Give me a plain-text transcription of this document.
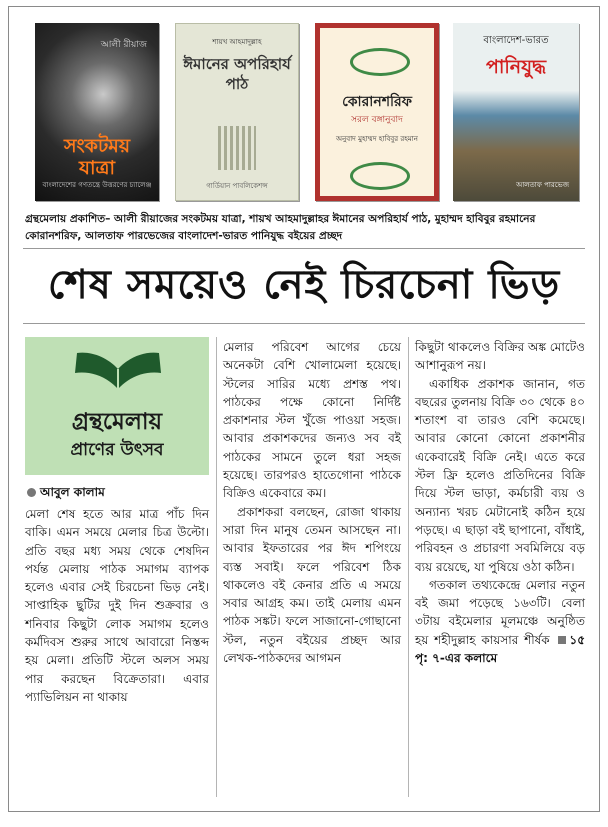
আলী রীয়াজ
সংকটময় যাত্রা
বাংলাদেশের গণতন্ত্রে উত্তরণের চ্যালেঞ্জ
শায়খ আহমাদুল্লাহ
ঈমানের অপরিহার্য পাঠ
গার্ডিয়ান পাবলিকেশন্স
কোরানশরিফ
সরল বঙ্গানুবাদ
অনুবাদ মুহাম্মদ হাবিবুর রহমান
বাংলাদেশ-ভারত
পানিযুদ্ধ
আলতাফ পারভেজ
গ্রন্থমেলায় প্রকাশিত– আলী রীয়াজের সংকটময় যাত্রা, শায়খ আহমাদুল্লাহর ঈমানের অপরিহার্য পাঠ, মুহাম্মদ হাবিবুর রহমানের কোরানশরিফ, আলতাফ পারভেজের বাংলাদেশ-ভারত পানিযুদ্ধ বইয়ের প্রচ্ছদ
শেষ সময়েও নেই চিরচেনা ভিড়
গ্রন্থমেলায়
প্রাণের উৎসব
আবুল কালাম

মেলা শেষ হতে আর মাত্র পাঁচ দিন বাকি। এমন সময়ে মেলার চিত্র উল্টো। প্রতি বছর মধ্য সময় থেকে শেষদিন পর্যন্ত মেলায় পাঠক সমাগম ব্যাপক হলেও এবার সেই চিরচেনা ভিড় নেই। সাপ্তাহিক ছুটির দুই দিন শুক্রবার ও শনিবার কিছুটা লোক সমাগম হলেও কর্মদিবস শুরুর সাথে আবারো নিস্তব্দ হয় মেলা। প্রতিটি স্টলে অলস সময় পার করছেন বিক্রেতারা। এবার প্যাভিলিয়ন না থাকায়

মেলার পরিবেশ আগের চেয়ে অনেকটা বেশি খোলামেলা হয়েছে। স্টলের সারির মধ্যে প্রশস্ত পথ। পাঠকের পক্ষে কোনো নির্দিষ্ট প্রকাশনার স্টল খুঁজে পাওয়া সহজ। আবার প্রকাশকদের জন্যও সব বই পাঠকের সামনে তুলে ধরা সহজ হয়েছে। তারপরও হাতেগোনা পাঠকে বিক্রিও একেবারে কম।

প্রকাশকরা বলছেন, রোজা থাকায় সারা দিন মানুষ তেমন আসছেন না। আবার ইফতারের পর ঈদ শপিংয়ে ব্যস্ত সবাই। ফলে পরিবেশ ঠিক থাকলেও বই কেনার প্রতি এ সময়ে সবার আগ্রহ কম। তাই মেলায় এমন পাঠক সঙ্কট। ফলে সাজানো-গোছানো স্টল, নতুন বইয়ের প্রচ্ছদ আর লেখক-পাঠকদের আগমন

কিছুটা থাকলেও বিক্রির অঙ্ক মোটেও আশানুরূপ নয়।

একাধিক প্রকাশক জানান, গত বছরের তুলনায় বিক্রি ৩০ থেকে ৪০ শতাংশ বা তারও বেশি কমেছে। আবার কোনো কোনো প্রকাশনীর একেবারেই বিক্রি নেই। এতে করে স্টল ফ্রি হলেও প্রতিদিনের বিক্রি দিয়ে স্টল ভাড়া, কর্মচারী ব্যয় ও অন্যান্য খরচ মেটানোই কঠিন হয়ে পড়ছে। এ ছাড়া বই ছাপানো, বাঁধাই, পরিবহন ও প্রচারণা সবমিলিয়ে বড় ব্যয় রয়েছে, যা পুষিয়ে ওঠা কঠিন।

গতকাল তথ্যকেন্দ্রে মেলার নতুন বই জমা পড়েছে ১৬৩টি। বেলা ৩টায় বইমেলার মূলমঞ্চে অনুষ্ঠিত হয় শহীদুল্লাহ কায়সার শীর্ষক ১৫ পৃ: ৭-এর কলামে
